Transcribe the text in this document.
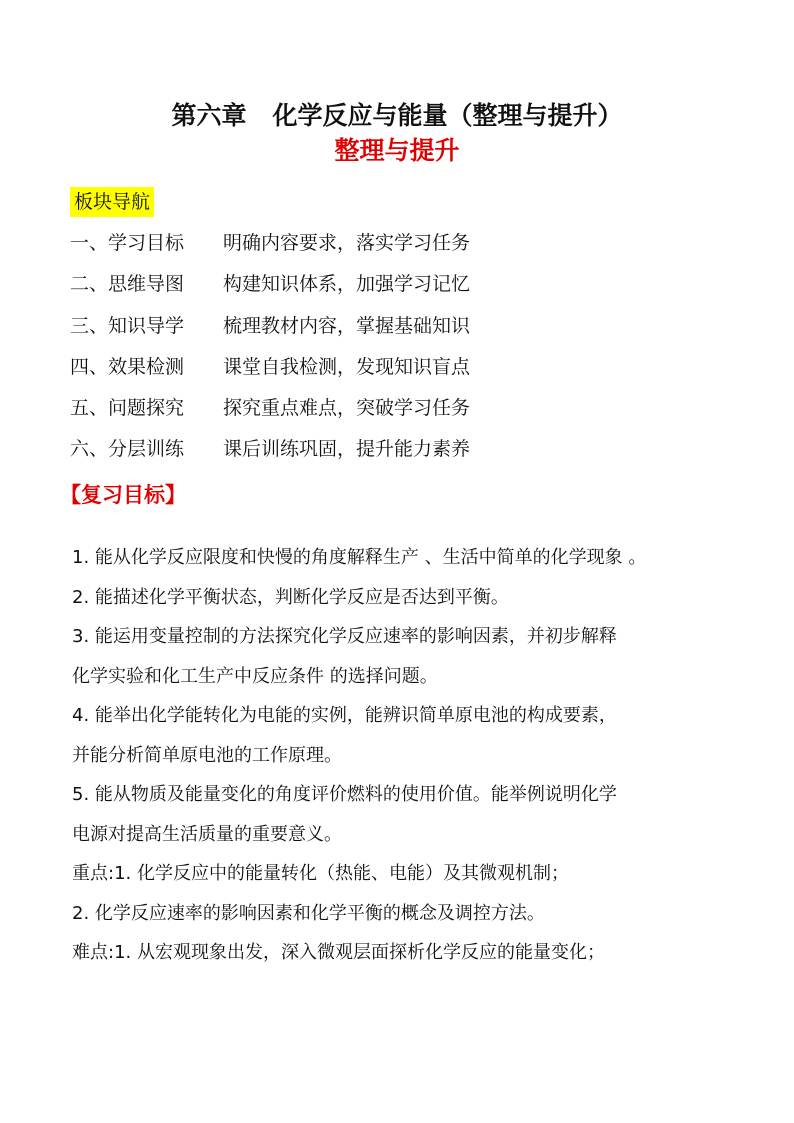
第六章 化学反应与能量（整理与提升）
整理与提升
板块导航
一、学习目标 明确内容要求，落实学习任务
二、思维导图 构建知识体系，加强学习记忆
三、知识导学 梳理教材内容，掌握基础知识
四、效果检测 课堂自我检测，发现知识盲点
五、问题探究 探究重点难点，突破学习任务
六、分层训练 课后训练巩固，提升能力素养
【复习目标】
1. 能从化学反应限度和快慢的角度解释生产 、生活中简单的化学现象 。
2. 能描述化学平衡状态，判断化学反应是否达到平衡。
3. 能运用变量控制的方法探究化学反应速率的影响因素，并初步解释
化学实验和化工生产中反应条件 的选择问题。
4. 能举出化学能转化为电能的实例，能辨识简单原电池的构成要素，
并能分析简单原电池的工作原理。
5. 能从物质及能量变化的角度评价燃料的使用价值。能举例说明化学
电源对提高生活质量的重要意义。
重点:1. 化学反应中的能量转化（热能、电能）及其微观机制；
2. 化学反应速率的影响因素和化学平衡的概念及调控方法。
难点:1. 从宏观现象出发，深入微观层面探析化学反应的能量变化；
